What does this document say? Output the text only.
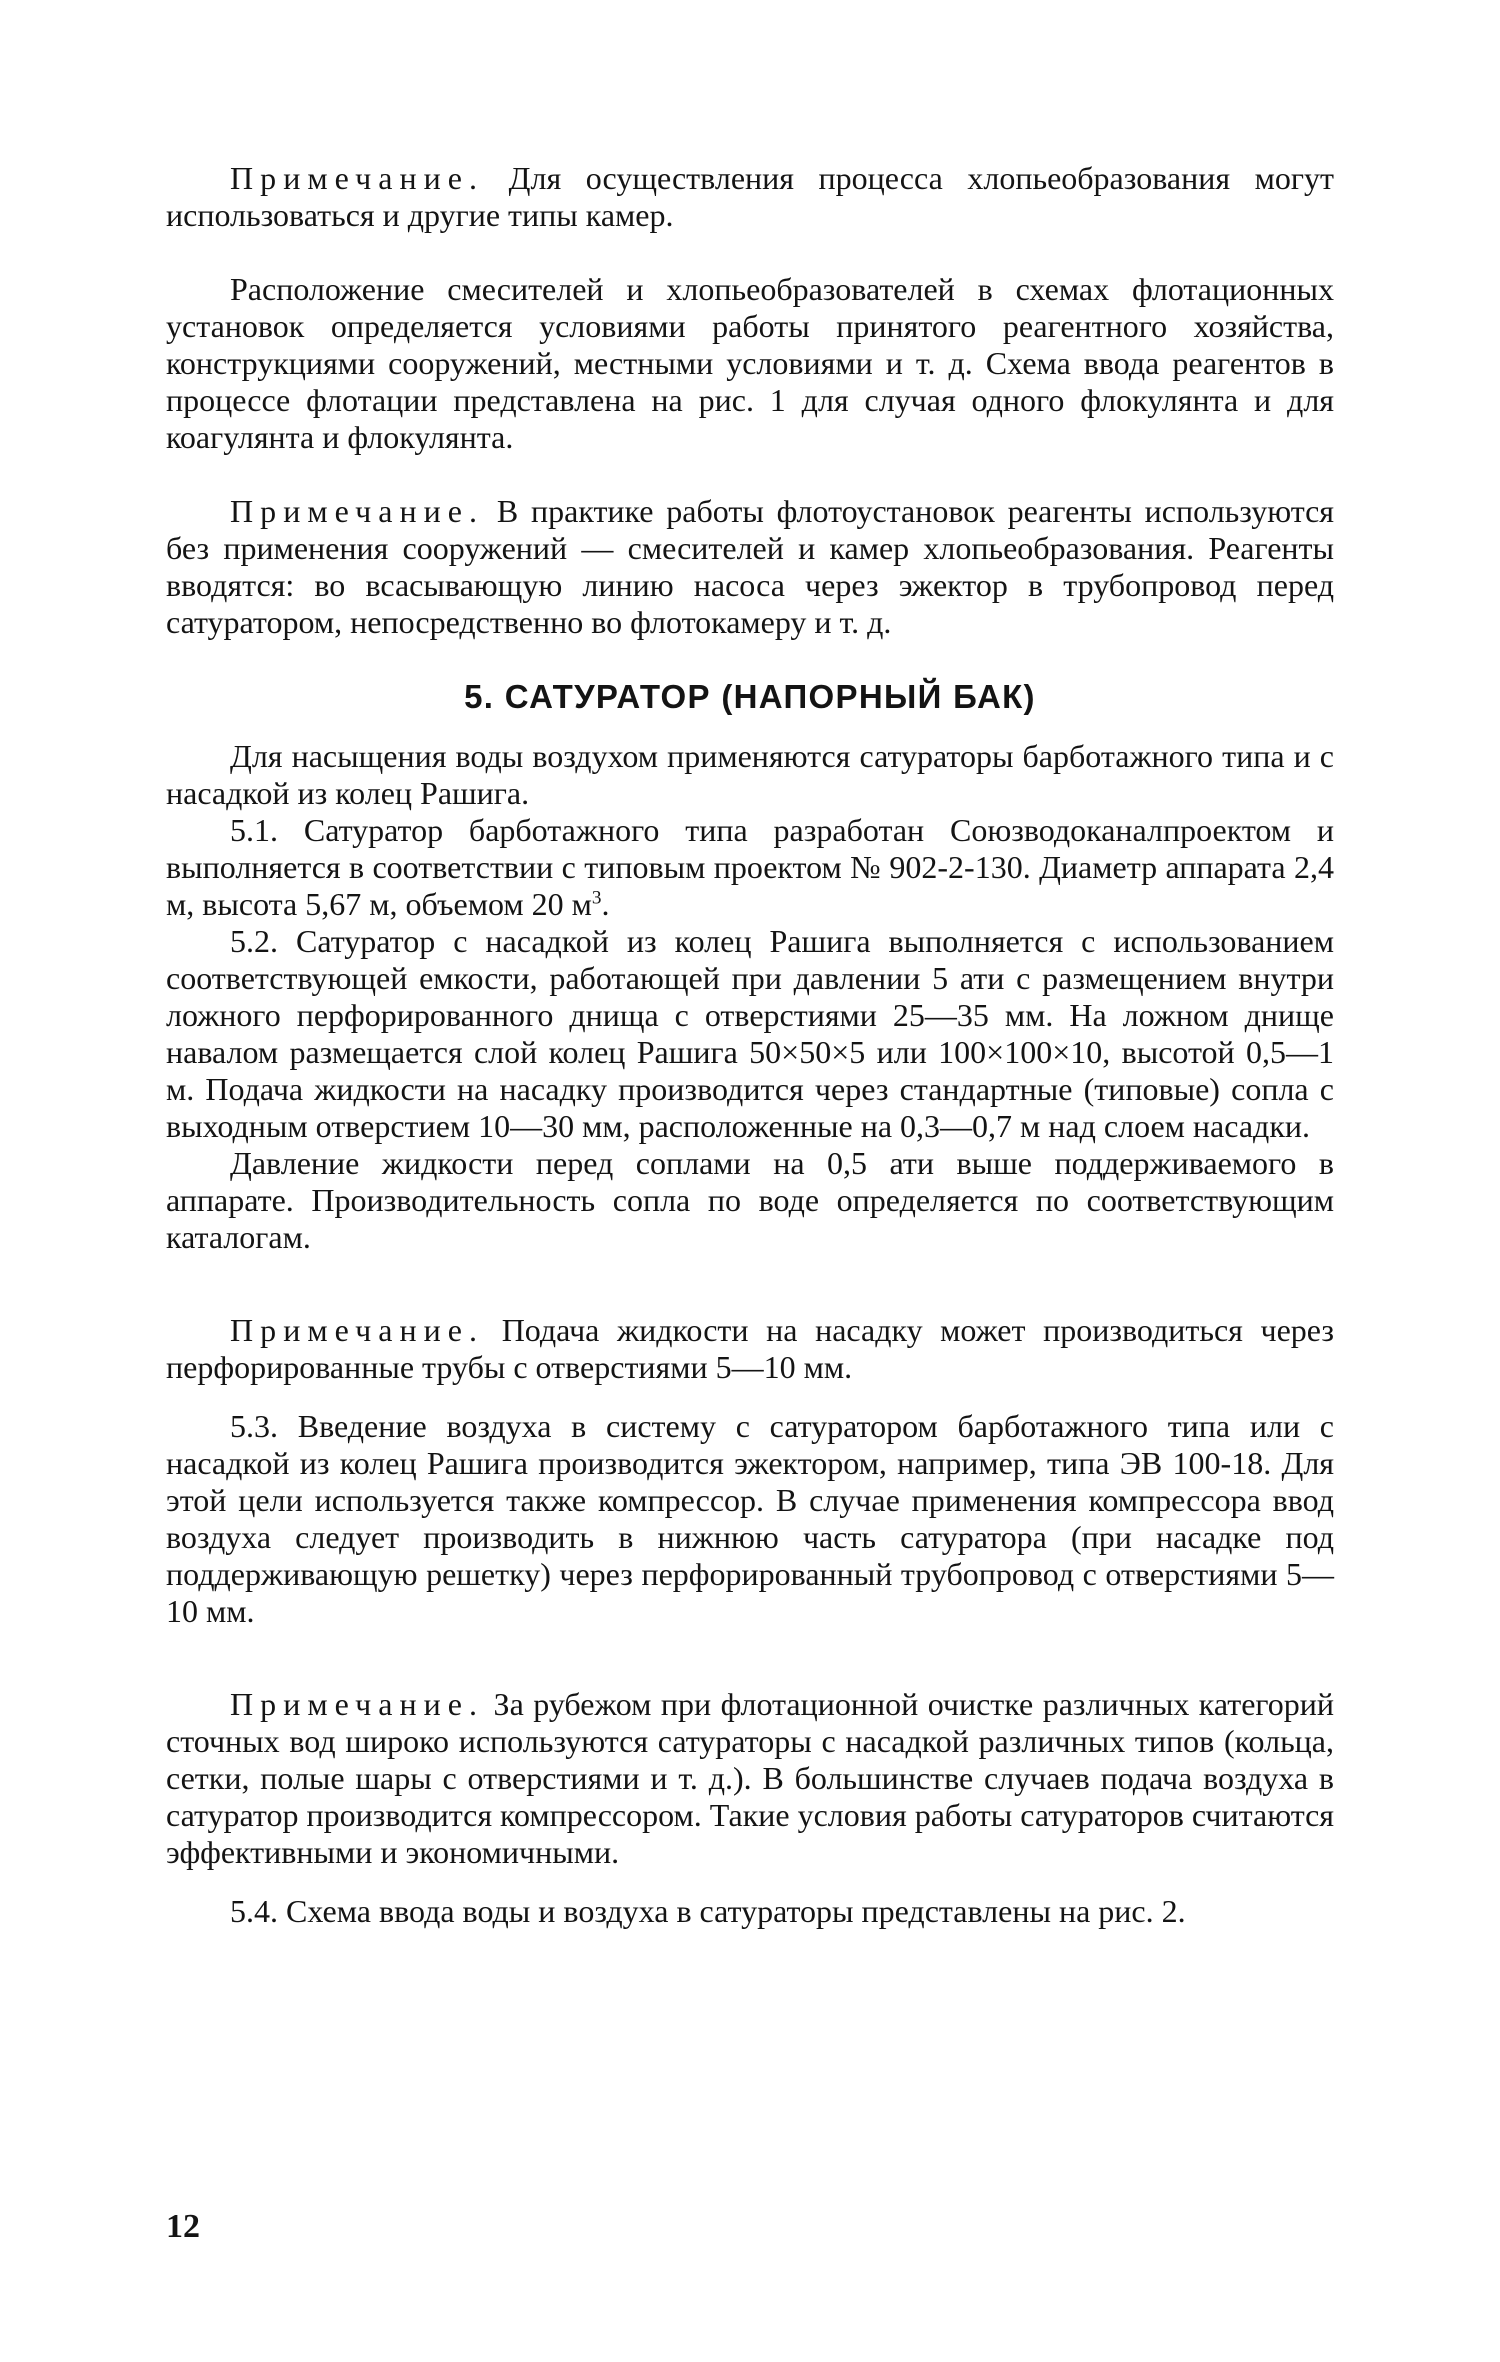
Примечание. Для осуществления процесса хлопьеобразования могут использоваться и другие типы камер.

Расположение смесителей и хлопьеобразователей в схемах флотационных установок определяется условиями работы принятого реагентного хозяйства, конструкциями сооружений, местными условиями и т. д. Схема ввода реагентов в процессе флотации представлена на рис. 1 для случая одного флокулянта и для коагулянта и флокулянта.

Примечание. В практике работы флотоустановок реагенты используются без применения сооружений — смесителей и камер хлопьеобразования. Реагенты вводятся: во всасывающую линию насоса через эжектор в трубопровод перед сатуратором, непосредственно во флотокамеру и т. д.

5. САТУРАТОР (НАПОРНЫЙ БАК)

Для насыщения воды воздухом применяются сатураторы барботажного типа и с насадкой из колец Рашига.

5.1. Сатуратор барботажного типа разработан Союзводоканалпроектом и выполняется в соответствии с типовым проектом № 902-2-130. Диаметр аппарата 2,4 м, высота 5,67 м, объемом 20 $м^3$.

5.2. Сатуратор с насадкой из колец Рашига выполняется с использованием соответствующей емкости, работающей при давлении 5 ати с размещением внутри ложного перфорированного днища с отверстиями 25—35 мм. На ложном днище навалом размещается слой колец Рашига 50×50×5 или 100×100×10, высотой 0,5—1 м. Подача жидкости на насадку производится через стандартные (типовые) сопла с выходным отверстием 10—30 мм, расположенные на 0,3—0,7 м над слоем насадки.

Давление жидкости перед соплами на 0,5 ати выше поддерживаемого в аппарате. Производительность сопла по воде определяется по соответствующим каталогам.

Примечание. Подача жидкости на насадку может производиться через перфорированные трубы с отверстиями 5—10 мм.

5.3. Введение воздуха в систему с сатуратором барботажного типа или с насадкой из колец Рашига производится эжектором, например, типа ЭВ 100-18. Для этой цели используется также компрессор. В случае применения компрессора ввод воздуха следует производить в нижнюю часть сатуратора (при насадке под поддерживающую решетку) через перфорированный трубопровод с отверстиями 5—10 мм.

Примечание. За рубежом при флотационной очистке различных категорий сточных вод широко используются сатураторы с насадкой различных типов (кольца, сетки, полые шары с отверстиями и т. д.). В большинстве случаев подача воздуха в сатуратор производится компрессором. Такие условия работы сатураторов считаются эффективными и экономичными.

5.4. Схема ввода воды и воздуха в сатураторы представлены на рис. 2.

12
